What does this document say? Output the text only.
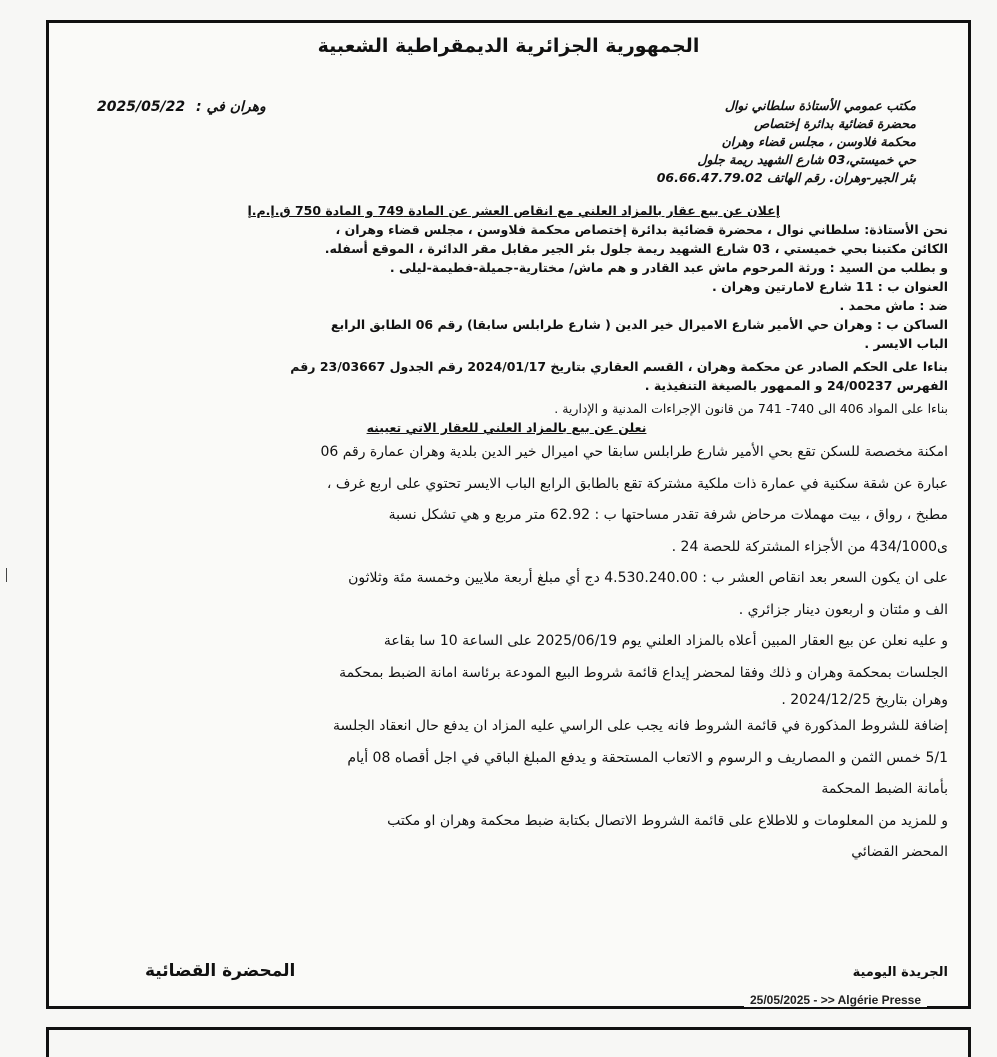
الجمهورية الجزائرية الديمقراطية الشعبية
وهران في : 2025/05/22	مكتب عمومي الأستاذة سلطاني نوال
محضرة قضائية بدائرة إختصاص
محكمة فلاوسن ، مجلس قضاء وهران
حي خميستي،03 شارع الشهيد ريمة جلول
بئر الجير-وهران. رقم الهاتف 06.66.47.79.02
إعلان عن بيع عقار بالمزاد العلني مع انقاص العشر عن المادة 749 و المادة 750 ق.إ.م.إ
نحن الأستاذة: سلطاني نوال ، محضرة قضائية بدائرة إختصاص محكمة فلاوسن ، مجلس قضاء وهران ،
الكائن مكتبنا بحي خميستي ، 03 شارع الشهيد ريمة جلول بئر الجير مقابل مقر الدائرة ، الموقع أسفله.
و بطلب من السيد : ورثة المرحوم ماش عبد القادر و هم ماش/ مختارية-جميلة-فطيمة-ليلى .
العنوان ب : 11 شارع لامارتين وهران .
ضد : ماش محمد .
الساكن ب : وهران حي الأمير شارع الاميرال خير الدين ( شارع طرابلس سابقا) رقم 06 الطابق الرابع
الباب الايسر .
بناءا على الحكم الصادر عن محكمة وهران ، القسم العقاري بتاريخ 2024/01/17 رقم الجدول 23/03667 رقم
الفهرس 24/00237 و الممهور بالصيغة التنفيذية .
بناءا على المواد 406 الى 740- 741 من قانون الإجراءات المدنية و الإدارية .
نعلن عن بيع بالمزاد العلني للعقار الاتي تعيينه
امكنة مخصصة للسكن تقع بحي الأمير شارع طرابلس سابقا حي اميرال خير الدين بلدية وهران عمارة رقم 06
عبارة عن شقة سكنية في عمارة ذات ملكية مشتركة تقع بالطابق الرابع الباب الايسر تحتوي على اربع غرف ،
مطبخ ، رواق ، بيت مهملات مرحاض شرفة تقدر مساحتها ب : 62.92 متر مربع و هي تشكل نسبة
ى434/1000 من الأجزاء المشتركة للحصة 24 .
على ان يكون السعر بعد انقاص العشر ب : 4.530.240.00 دج أي مبلغ أربعة ملايين وخمسة مئة وثلاثون
الف و مئتان و اربعون دينار جزائري .
و عليه نعلن عن بيع العقار المبين أعلاه بالمزاد العلني يوم 2025/06/19 على الساعة 10 سا بقاعة
الجلسات بمحكمة وهران و ذلك وفقا لمحضر إيداع قائمة شروط البيع المودعة برئاسة امانة الضبط بمحكمة
وهران بتاريخ 2024/12/25 .
إضافة للشروط المذكورة في قائمة الشروط فانه يجب على الراسي عليه المزاد ان يدفع حال انعقاد الجلسة
5/1 خمس الثمن و المصاريف و الرسوم و الاتعاب المستحقة و يدفع المبلغ الباقي في اجل أقصاه 08 أيام
بأمانة الضبط المحكمة
و للمزيد من المعلومات و للاطلاع على قائمة الشروط الاتصال بكتابة ضبط محكمة وهران او مكتب
المحضر القضائي
الجريدة اليومية
المحضرة القضائية
25/05/2025 - >> Algérie Presse
